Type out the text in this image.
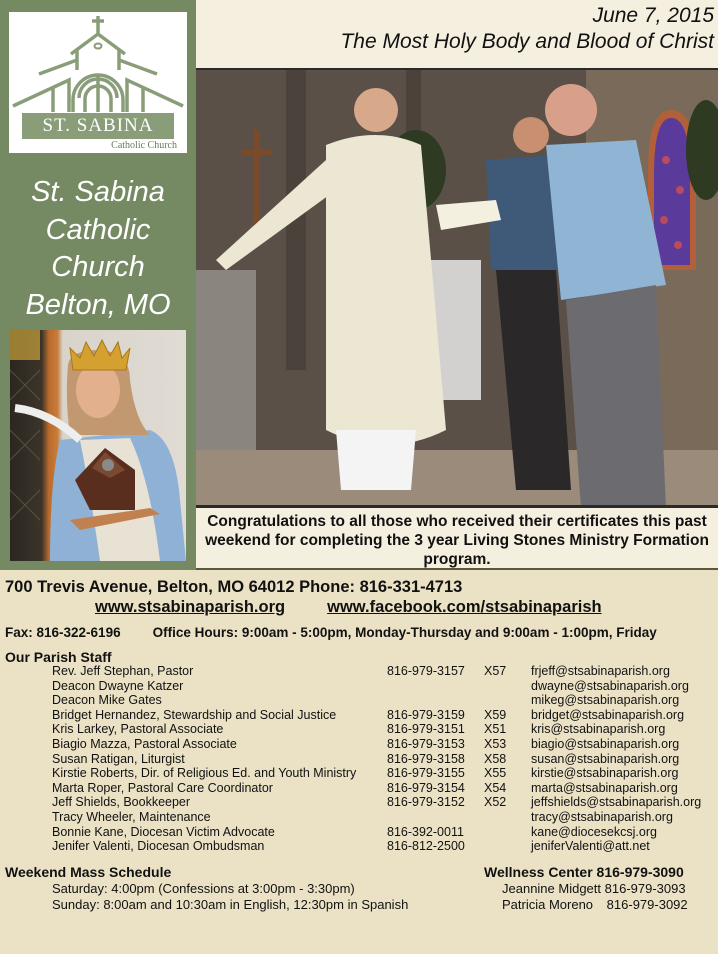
ST. SABINA
Catholic Church
St. Sabina
Catholic
Church
Belton, MO
June 7, 2015
The Most Holy Body and Blood of Christ
Congratulations to all those who received their certificates this past weekend for completing the 3 year Living Stones Ministry Formation program.
700 Trevis Avenue, Belton, MO 64012 Phone: 816-331-4713
www.stsabinaparish.org	www.facebook.com/stsabinaparish
Fax: 816-322-6196 Office Hours: 9:00am - 5:00pm, Monday-Thursday and 9:00am - 1:00pm, Friday
Our Parish Staff
Rev. Jeff Stephan, Pastor	816-979-3157 X57 frjeff@stsabinaparish.org
Deacon Dwayne Katzer	dwayne@stsabinaparish.org
Deacon Mike Gates	mikeg@stsabinaparish.org
Bridget Hernandez, Stewardship and Social Justice	816-979-3159 X59 bridget@stsabinaparish.org
Kris Larkey, Pastoral Associate	816-979-3151 X51 kris@stsabinaparish.org
Biagio Mazza, Pastoral Associate	816-979-3153 X53 biagio@stsabinaparish.org
Susan Ratigan, Liturgist	816-979-3158 X58 susan@stsabinaparish.org
Kirstie Roberts, Dir. of Religious Ed. and Youth Ministry 816-979-3155 X55 kirstie@stsabinaparish.org
Marta Roper, Pastoral Care Coordinator	816-979-3154 X54 marta@stsabinaparish.org
Jeff Shields, Bookkeeper	816-979-3152 X52 jeffshields@stsabinaparish.org
Tracy Wheeler, Maintenance	tracy@stsabinaparish.org
Bonnie Kane, Diocesan Victim Advocate	816-392-0011	kane@diocesekcsj.org
Jenifer Valenti, Diocesan Ombudsman	816-812-2500	jeniferValenti@att.net
Weekend Mass Schedule
Saturday: 4:00pm (Confessions at 3:00pm - 3:30pm)
Sunday: 8:00am and 10:30am in English, 12:30pm in Spanish
Wellness Center 816-979-3090
Jeannine Midgett 816-979-3093
Patricia Moreno 816-979-3092
